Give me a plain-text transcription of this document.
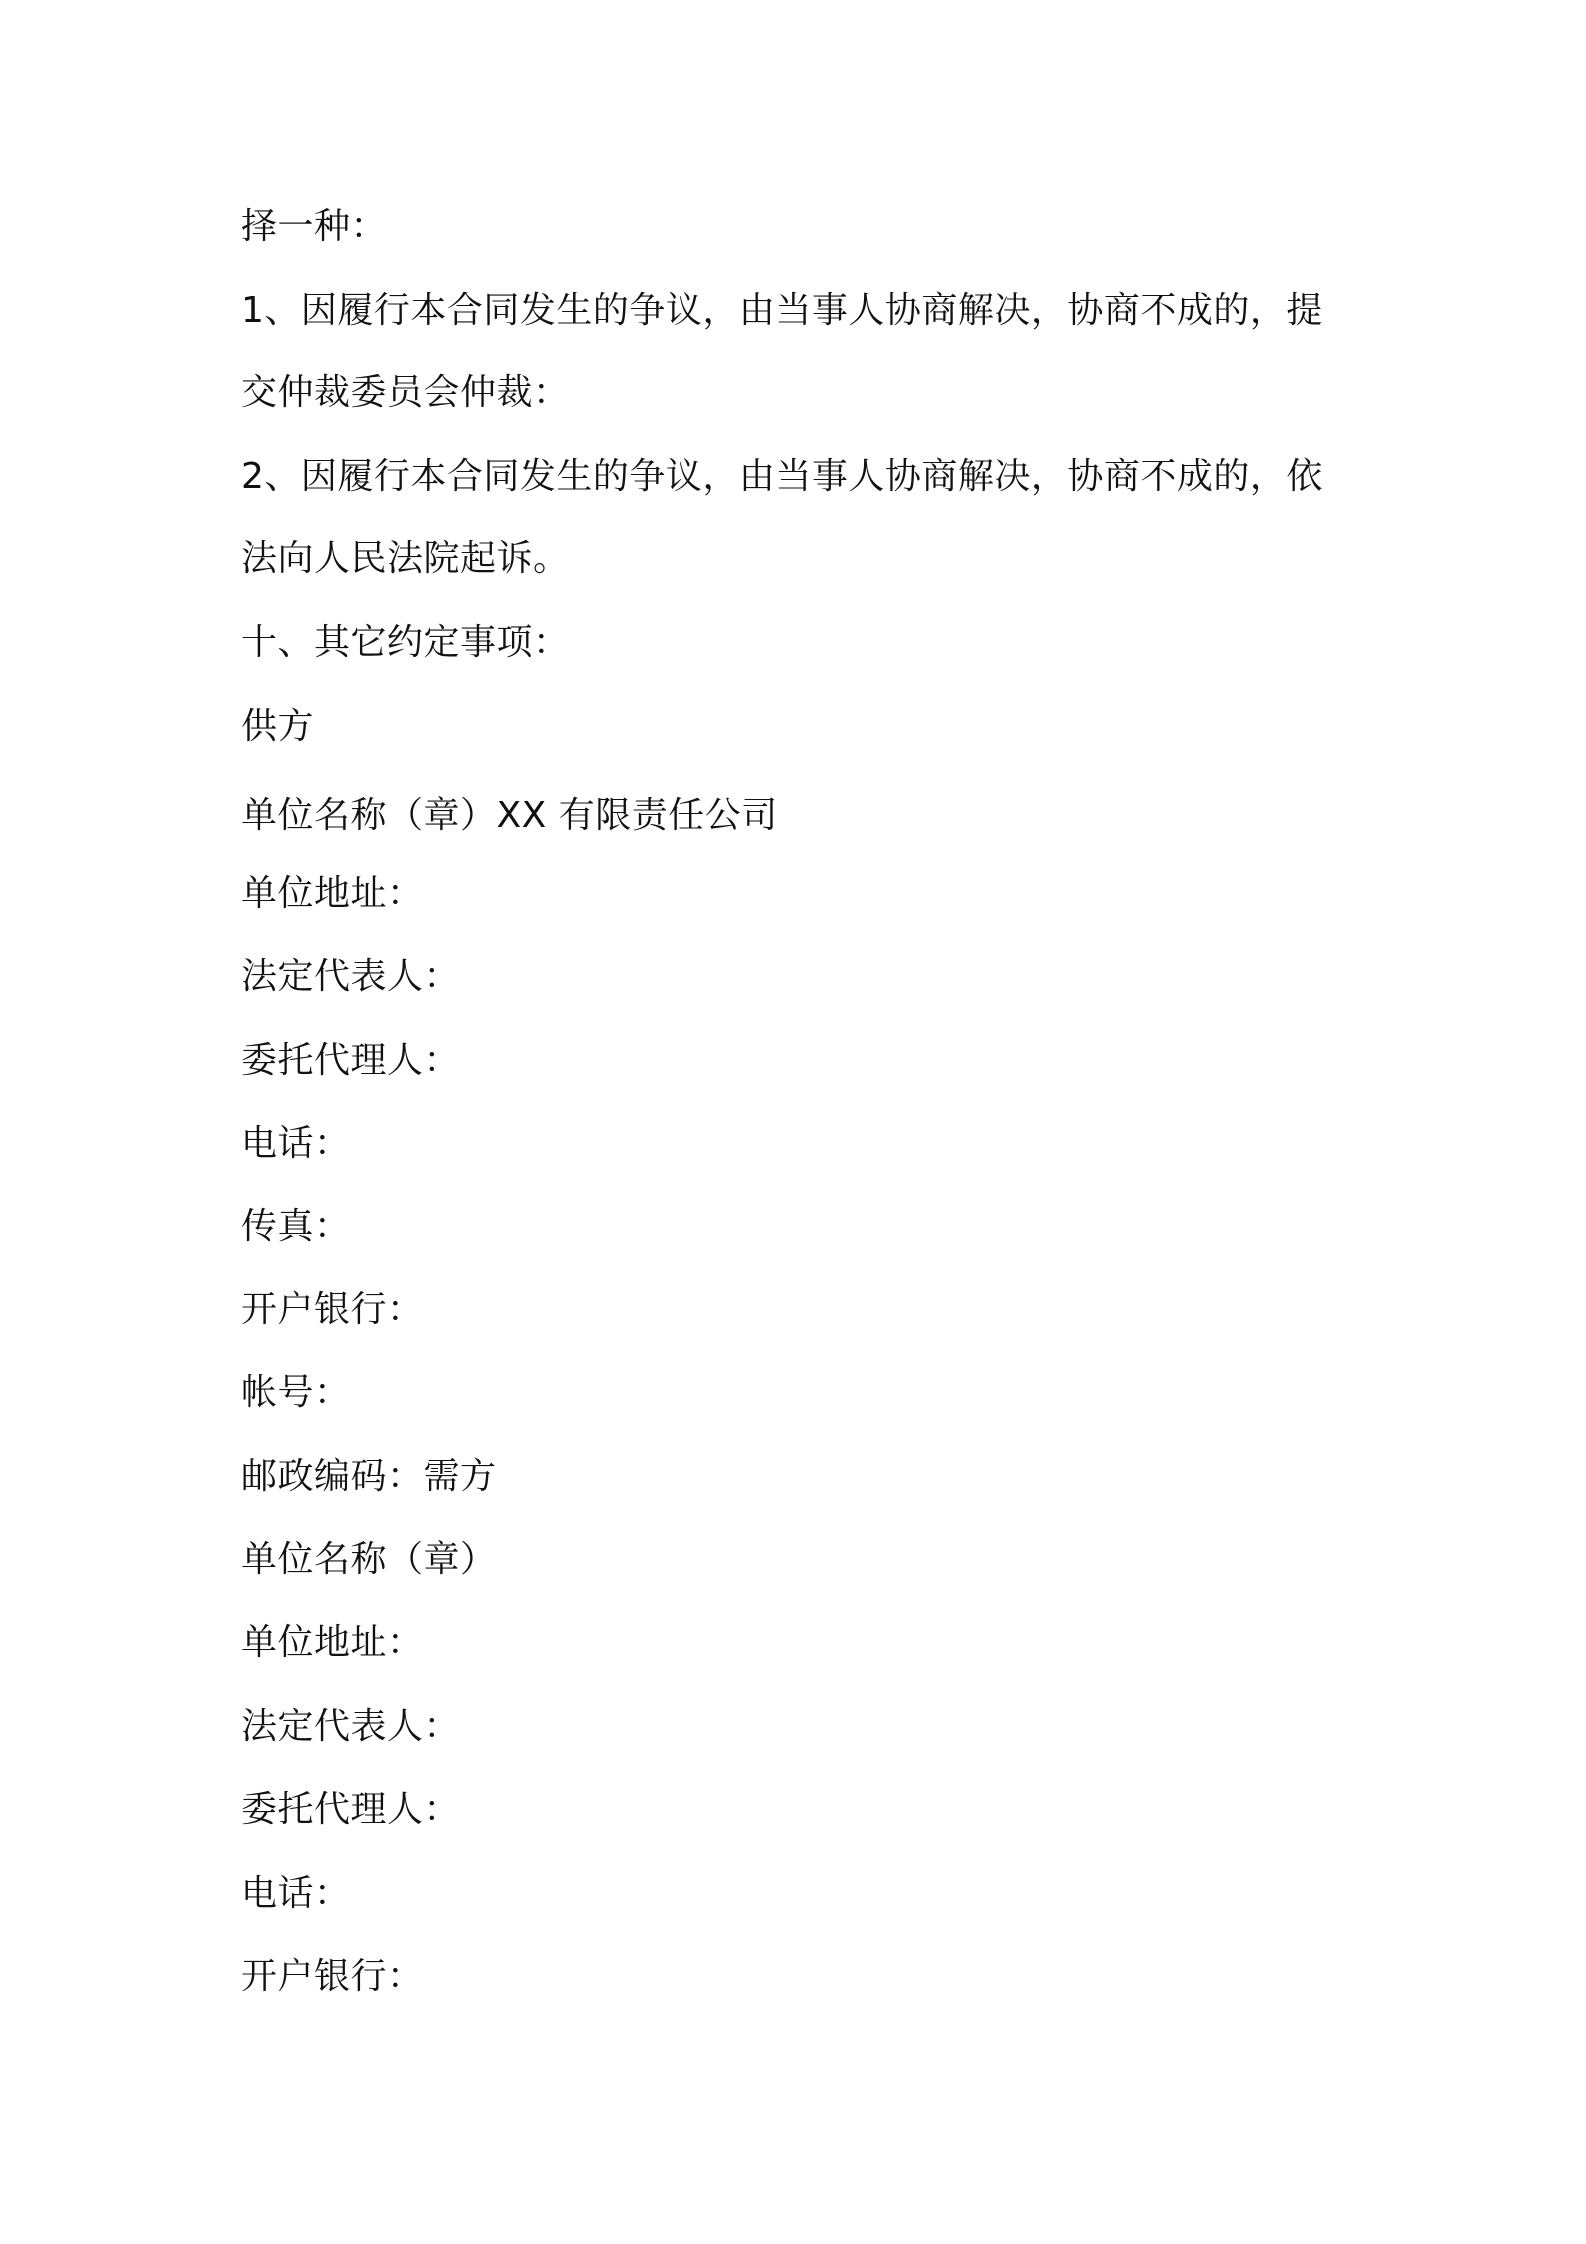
择一种：
1、因履行本合同发生的争议，由当事人协商解决，协商不成的，提
交仲裁委员会仲裁：
2、因履行本合同发生的争议，由当事人协商解决，协商不成的，依
法向人民法院起诉。
十、其它约定事项：
供方
单位名称（章）XX 有限责任公司
单位地址：
法定代表人：
委托代理人：
电话：
传真：
开户银行：
帐号：
邮政编码：需方
单位名称（章）
单位地址：
法定代表人：
委托代理人：
电话：
开户银行：
